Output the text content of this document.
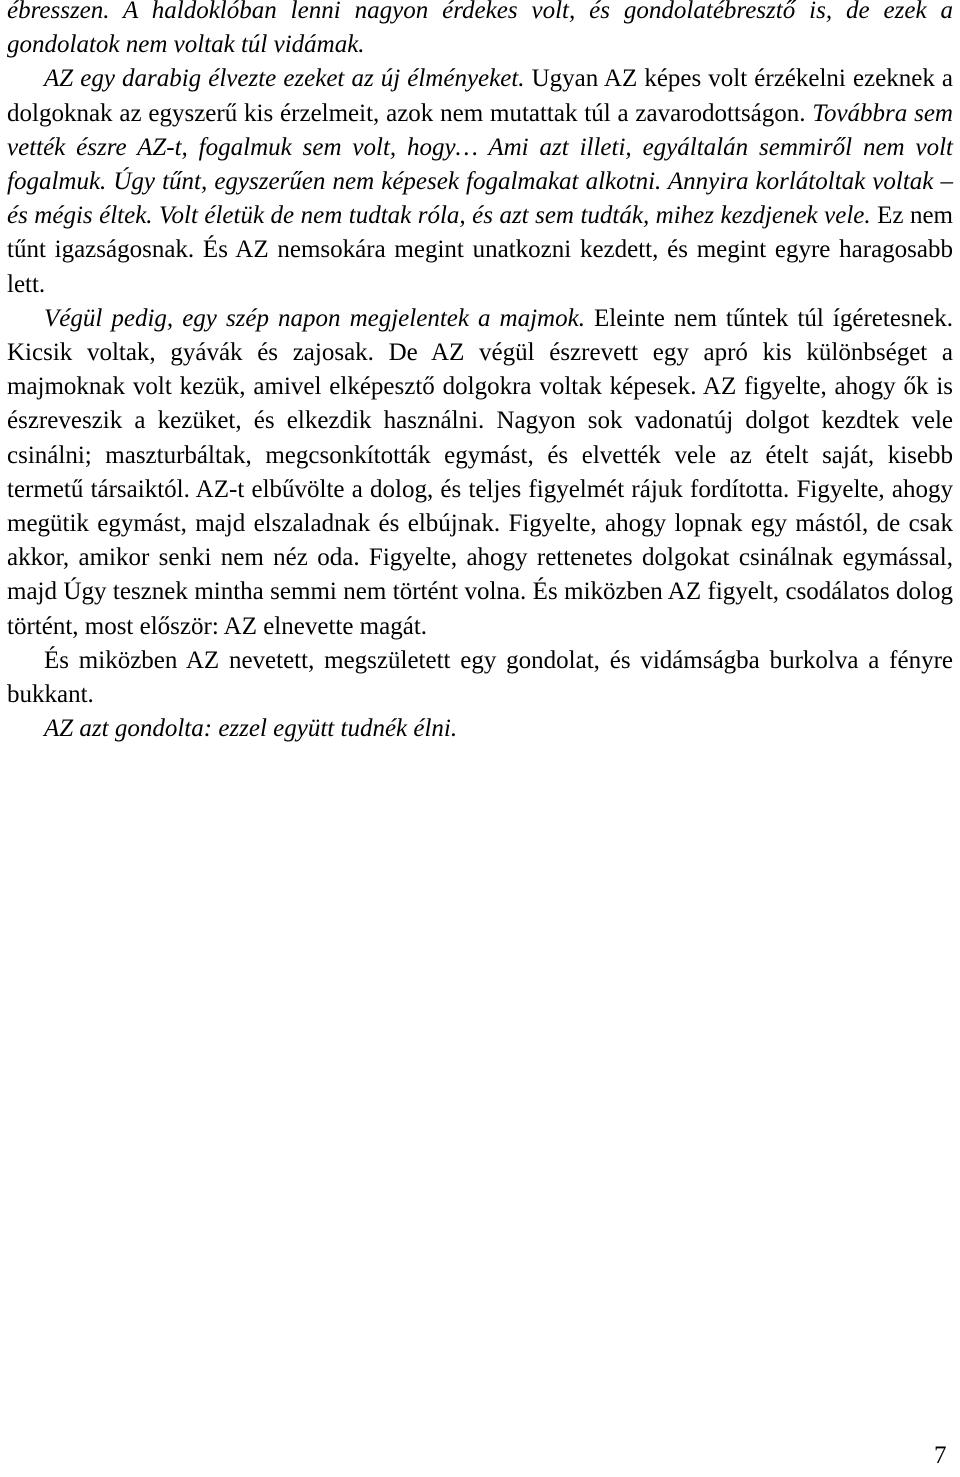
ébresszen. A haldoklóban lenni nagyon érdekes volt, és gondolatébresztő is, de ezek a gondolatok nem voltak túl vidámak.

AZ egy darabig élvezte ezeket az új élményeket. Ugyan AZ képes volt érzékelni ezeknek a dolgoknak az egyszerű kis érzelmeit, azok nem mutattak túl a zavarodottságon. Továbbra sem vették észre AZ-t, fogalmuk sem volt, hogy… Ami azt illeti, egyáltalán semmiről nem volt fogalmuk. Úgy tűnt, egyszerűen nem képesek fogalmakat alkotni. Annyira korlátoltak voltak – és mégis éltek. Volt életük de nem tudtak róla, és azt sem tudták, mihez kezdjenek vele. Ez nem tűnt igazságosnak. És AZ nemsokára megint unatkozni kezdett, és megint egyre haragosabb lett.

Végül pedig, egy szép napon megjelentek a majmok. Eleinte nem tűntek túl ígéretesnek. Kicsik voltak, gyávák és zajosak. De AZ végül észrevett egy apró kis különbséget a majmoknak volt kezük, amivel elképesztő dolgokra voltak képesek. AZ figyelte, ahogy ők is észreveszik a kezüket, és elkezdik használni. Nagyon sok vadonatúj dolgot kezdtek vele csinálni; maszturbáltak, megcsonkították egymást, és elvették vele az ételt saját, kisebb termetű társaiktól. AZ-t elbűvölte a dolog, és teljes figyelmét rájuk fordította. Figyelte, ahogy megütik egymást, majd elszaladnak és elbújnak. Figyelte, ahogy lopnak egy mástól, de csak akkor, amikor senki nem néz oda. Figyelte, ahogy rettenetes dolgokat csinálnak egymással, majd Úgy tesznek mintha semmi nem történt volna. És miközben AZ figyelt, csodálatos dolog történt, most először: AZ elnevette magát.

És miközben AZ nevetett, megszületett egy gondolat, és vidámságba burkolva a fényre bukkant.

AZ azt gondolta: ezzel együtt tudnék élni.

7
